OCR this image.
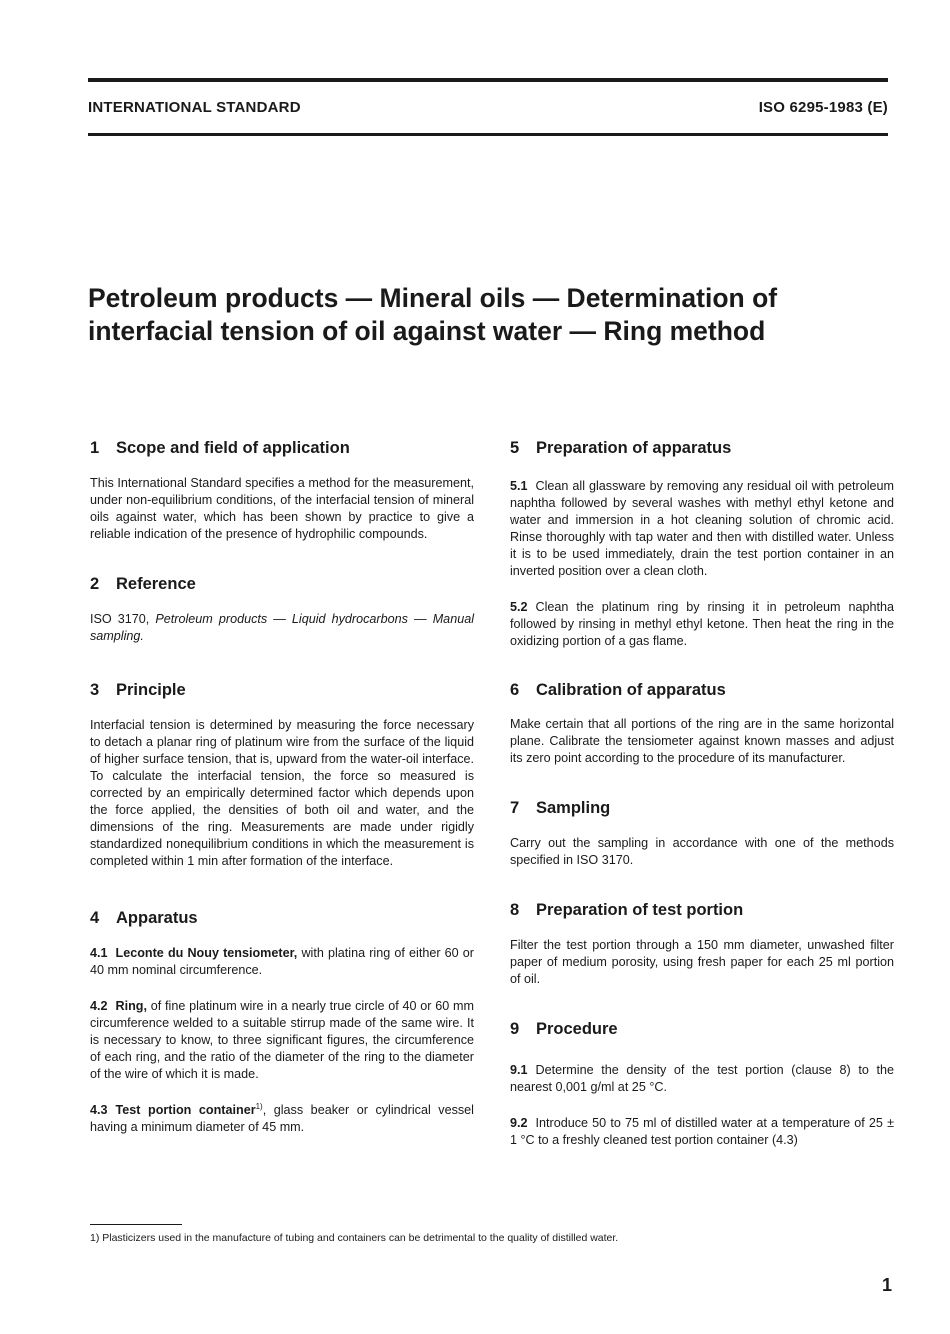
INTERNATIONAL STANDARD	ISO 6295-1983 (E)
Petroleum products — Mineral oils — Determination of
interfacial tension of oil against water — Ring method
1 Scope and field of application

This International Standard specifies a method for the measurement, under non-equilibrium conditions, of the interfacial tension of mineral oils against water, which has been shown by practice to give a reliable indication of the presence of hydrophilic compounds.

2 Reference

ISO 3170, Petroleum products — Liquid hydrocarbons — Manual sampling.

3 Principle

Interfacial tension is determined by measuring the force necessary to detach a planar ring of platinum wire from the surface of the liquid of higher surface tension, that is, upward from the water-oil interface. To calculate the interfacial tension, the force so measured is corrected by an empirically determined factor which depends upon the force applied, the densities of both oil and water, and the dimensions of the ring. Measurements are made under rigidly standardized nonequilibrium conditions in which the measurement is completed within 1 min after formation of the interface.

4 Apparatus

4.1 Leconte du Nouy tensiometer, with platina ring of either 60 or 40 mm nominal circumference.

4.2 Ring, of fine platinum wire in a nearly true circle of 40 or 60 mm circumference welded to a suitable stirrup made of the same wire. It is necessary to know, to three significant figures, the circumference of each ring, and the ratio of the diameter of the ring to the diameter of the wire of which it is made.

4.3 Test portion container$^{1)}$, glass beaker or cylindrical vessel having a minimum diameter of 45 mm.

5 Preparation of apparatus

5.1 Clean all glassware by removing any residual oil with petroleum naphtha followed by several washes with methyl ethyl ketone and water and immersion in a hot cleaning solution of chromic acid. Rinse thoroughly with tap water and then with distilled water. Unless it is to be used immediately, drain the test portion container in an inverted position over a clean cloth.

5.2 Clean the platinum ring by rinsing it in petroleum naphtha followed by rinsing in methyl ethyl ketone. Then heat the ring in the oxidizing portion of a gas flame.

6 Calibration of apparatus

Make certain that all portions of the ring are in the same horizontal plane. Calibrate the tensiometer against known masses and adjust its zero point according to the procedure of its manufacturer.

7 Sampling

Carry out the sampling in accordance with one of the methods specified in ISO 3170.

8 Preparation of test portion

Filter the test portion through a 150 mm diameter, unwashed filter paper of medium porosity, using fresh paper for each 25 ml portion of oil.

9 Procedure

9.1 Determine the density of the test portion (clause 8) to the nearest 0,001 g/ml at 25 °C.

9.2 Introduce 50 to 75 ml of distilled water at a temperature of 25 ± 1 °C to a freshly cleaned test portion container (4.3)

1) Plasticizers used in the manufacture of tubing and containers can be detrimental to the quality of distilled water.
1
